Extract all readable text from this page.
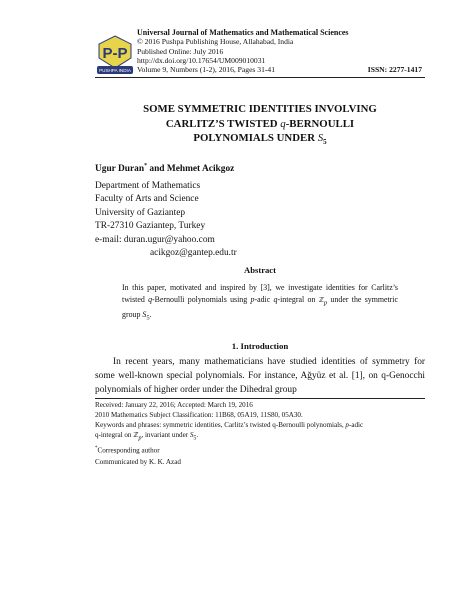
P-P
PUSHPA INDIA
Universal Journal of Mathematics and Mathematical Sciences
© 2016 Pushpa Publishing House, Allahabad, India
Published Online: July 2016
http://dx.doi.org/10.17654/UM009010031
Volume 9, Numbers (1-2), 2016, Pages 31-41	ISSN: 2277-1417
SOME SYMMETRIC IDENTITIES INVOLVING
CARLITZ’S TWISTED q-BERNOULLI
POLYNOMIALS UNDER $S_5$
Ugur Duran* and Mehmet Acikgoz
Department of Mathematics
Faculty of Arts and Science
University of Gaziantep
TR-27310 Gaziantep, Turkey
e-mail: duran.ugur@yahoo.com
acikgoz@gantep.edu.tr
Abstract
In this paper, motivated and inspired by [3], we investigate identities for Carlitz’s twisted q-Bernoulli polynomials using p-adic q-integral on ℤ$_p$ under the symmetric group $S_5$.
1. Introduction

In recent years, many mathematicians have studied identities of symmetry for some well-known special polynomials. For instance, Ağyüz et al. [1], on q-Genocchi polynomials of higher order under the Dihedral group

Received: January 22, 2016; Accepted: March 19, 2016
2010 Mathematics Subject Classification: 11B68, 05A19, 11S80, 05A30.
Keywords and phrases: symmetric identities, Carlitz’s twisted q-Bernoulli polynomials, p-adic
q-integral on ℤ$_p$, invariant under $S_5$.
*Corresponding author
Communicated by K. K. Azad
